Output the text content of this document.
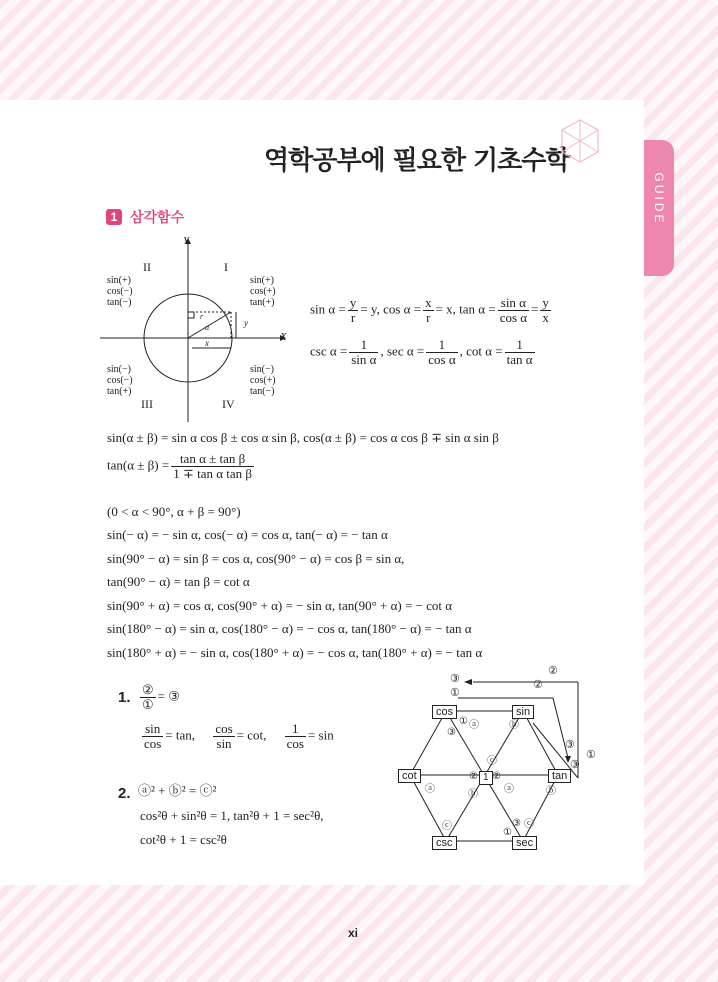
GUIDE
역학공부에 필요한 기초수학
1 삼각함수
Y
X
I
II
III	IV
r
α
x
y
sin(+)
cos(+)
tan(+)
sin(+)
cos(−)
tan(−)
sin(−)
cos(−)
tan(+)
sin(−)
cos(+)
tan(−)
$\sin \alpha = \frac{y}{r} = y$, $\cos \alpha = \frac{x}{r} = x$, $\tan \alpha = \frac{\text{sin α}}{\text{cos α}} = \frac{y}{x}$
$\csc \alpha = \frac{1}{\text{sin α}}$ , $\sec \alpha = \frac{1}{\text{cos α}}$ , $\cot \alpha = \frac{1}{\text{tan α}}$
sin(α ± β) = sin α cos β ± cos α sin β, cos(α ± β) = cos α cos β ∓ sin α sin β
$\tan(\alpha \pm \beta) = \frac{\text{tan α ± tan β}}{\text{1 ∓ tan α tan β}}$
(0 < α < 90°, α + β = 90°)
sin(− α) = − sin α, cos(− α) = cos α, tan(− α) = − tan α
sin(90° − α) = sin β = cos α, cos(90° − α) = cos β = sin α,
tan(90° − α) = tan β = cot α
sin(90° + α) = cos α, cos(90° + α) = − sin α, tan(90° + α) = − cot α
sin(180° − α) = sin α, cos(180° − α) = − cos α, tan(180° − α) = − tan α
sin(180° + α) = − sin α, cos(180° + α) = − cos α, tan(180° + α) = − tan α
1. $\frac{\text{②}}{\text{①}}$ = ③
$\frac{\sin}{\cos} = \tan$, $\frac{\cos}{\sin} = \cot$, $\frac{1}{\cos} = \sin$
2. ⓐ² + ⓑ² = ⓒ²
cos²θ + sin²θ = 1, tan²θ + 1 = sec²θ,
cot²θ + 1 = csc²θ
cos	sin
cot	tan
csc	sec
1
③
①
②
②
①
③
③
① ⓐ
③
ⓑ
ⓒ
② ②
ⓐ	ⓑ	ⓐ	ⓑ
ⓒ
①
③ ⓒ
xi
